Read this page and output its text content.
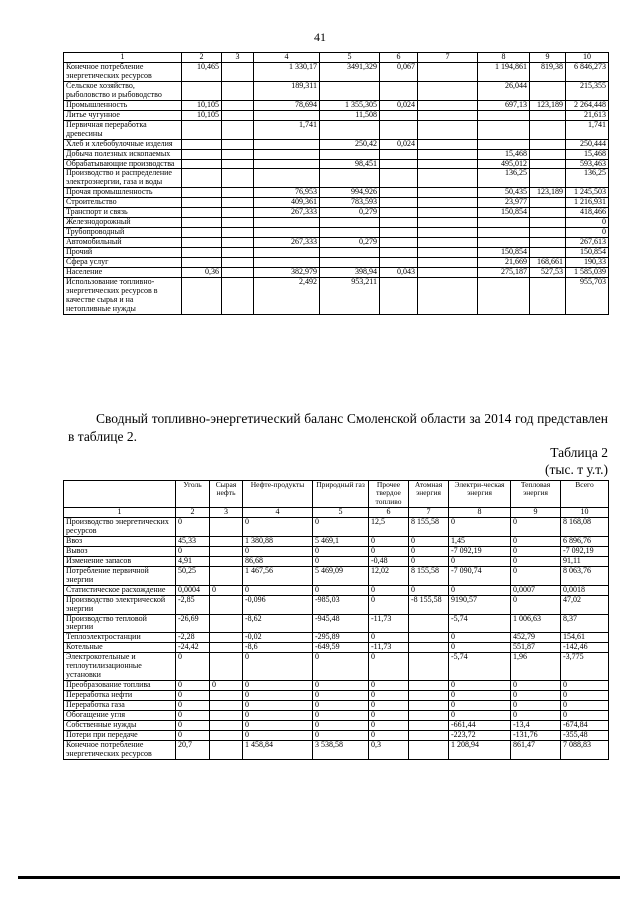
41
1	2	3	4	5	6	7	8	9	10
Конечное потребление энергетических ресурсов	10,465		1 330,17	3491,329	0,067		1 194,861	819,38	6 846,273
Сельское хозяйство, рыболовство и рыбоводство			189,311				26,044		215,355
Промышленность	10,105		78,694	1 355,305	0,024		697,13	123,189	2 264,448
Литье чугунное	10,105			11,508					21,613
Первичная переработка древесины			1,741						1,741
Хлеб и хлебобулочные изделия				250,42	0,024				250,444
Добыча полезных ископаемых							15,468		15,468
Обрабатывающие производства				98,451			495,012		593,463
Производство и распределение электроэнергии, газа и воды							136,25		136,25
Прочая промышленность			76,953	994,926			50,435	123,189	1 245,503
Строительство			409,361	783,593			23,977		1 216,931
Транспорт и связь			267,333	0,279			150,854		418,466
Железнодорожный									0
Трубопроводный									0
Автомобильный			267,333	0,279					267,613
Прочий							150,854		150,854
Сфера услуг							21,669	168,661	190,33
Население	0,36		382,979	398,94	0,043		275,187	527,53	1 585,039
Использование топливно-энергетических ресурсов в качестве сырья и на нетопливные нужды			2,492	953,211					955,703
Сводный топливно-энергетический баланс Смоленской области за 2014 год представлен в таблице 2.
Таблица 2
(тыс. т у.т.)
	Уголь	Сырая нефть	Нефте-продукты	Природный газ	Прочее твердое топливо	Атомная энергия	Электри-ческая энергия	Тепловая энергия	Всего
1	2	3	4	5	6	7	8	9	10
Производство энергетических ресурсов	0		0	0	12,5	8 155,58	0	0	8 168,08
Ввоз	45,33		1 380,88	5 469,1	0	0	1,45	0	6 896,76
Вывоз	0		0	0	0	0	-7 092,19	0	-7 092,19
Изменение запасов	4,91		86,68	0	-0,48	0	0	0	91,11
Потребление первичной энергии	50,25		1 467,56	5 469,09	12,02	8 155,58	-7 090,74	0	8 063,76
Статистическое расхождение	0,0004	0	0	0	0	0	0	0,0007	0,0018
Производство электрической энергии	-2,85		-0,096	-985,03	0	-8 155,58	9190,57	0	47,02
Производство тепловой энергии	-26,69		-8,62	-945,48	-11,73		-5,74	1 006,63	8,37
Теплоэлектростанции	-2,28		-0,02	-295,89	0		0	452,79	154,61
Котельные	-24,42		-8,6	-649,59	-11,73		0	551,87	-142,46
Электрокотельные и теплоутилизационные установки	0		0	0	0		-5,74	1,96	-3,775
Преобразование топлива	0	0	0	0	0		0	0	0
Переработка нефти	0		0	0	0		0	0	0
Переработка газа	0		0	0	0		0	0	0
Обогащение угля	0		0	0	0		0	0	0
Собственные нужды	0		0	0	0		-661,44	-13,4	-674,84
Потери при передаче	0		0	0	0		-223,72	-131,76	-355,48
Конечное потребление энергетических ресурсов	20,7		1 458,84	3 538,58	0,3		1 208,94	861,47	7 088,83
